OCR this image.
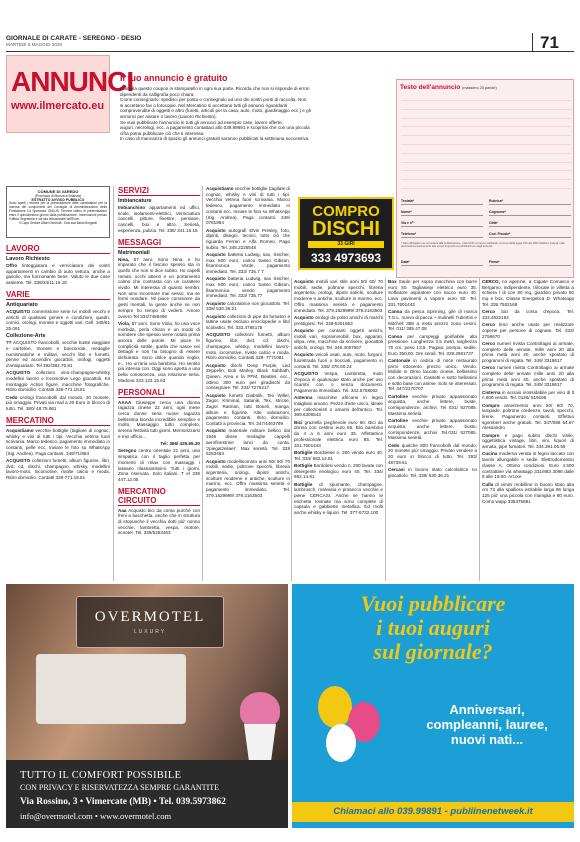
GIORNALE DI CARATE - SEREGNO - DESIO
MARTEDÌ 5 MAGGIO 2020	71
ANNUNCI
www.ilmercato.eu
Il tuo annuncio è gratuito
Compila questo coupon in stampatello in ogni sua parte. Ricorda che non si risponde di errori
dipendenti da calligrafia poco chiara.
Come consegnarlo: spedisci per posta o consegnalo ad uno dei nostri punti di raccolta. Non
si accettano fax o fotocopie. Nel Mercatino si accettano tutti gli annunci riguardanti
compravendite di oggetti e altro (furetti, articoli per la casa, auto, moto, giardinaggio ecc.) e gli
annunci per aiutare o lavoro (Lavoro Richiesto).
Se vuoi pubblicare l'annuncio in tutti gli annunci ad esempio case, lavoro offerte,
auguri, necrologi, ecc. a pagamento contattaci allo 039.99691 e scoprirai che con una piccola
cifra potrai pubblicare ciò che ti interessa.
In caso di mancanza di spazio gli annunci gratuiti saranno pubblicati la settimana successiva.
Testo dell'annuncio (massimo 20 parole)
Testata*	Rubrica*
Nome*	Cognome*
Via e n°*	Città*
Telefono*	Cod. Fiscale*
* Dati obbligatori per procedere alla pubblicazione. I dati NON verranno pubblicati. Ai sensi della legge 196 del 2003 l'Editore tratterà i dati personali esclusivamente allo scopo di gestire la pubblicazione degli annunci.
Data*	Firma*
COMPRO
DISCHI
33 GIRI
333 4973693
COMUNE DI VAREDO
(Provincia di Monza e Brianza)
ESTRATTO AVVISO PUBBLICO
Sono aperti i termini per la presentazione delle candidature per la nomina dei componenti del Consiglio di Amministrazione della Fondazione 'La Speranza' ONLUS. Termine ultimo di presentazione entro il quindicesimo giorno dalla pubblicazione. Informazioni presso l'Ufficio Segreteria e sul sito istituzionale dell'Ente.
Il Capo Settore Affari Generali - Dott.ssa Ilaria Morganti
LAVORO
Lavoro Richiesto

Offro tinteggiatura e verniciatura dei vostri appartamenti in cambio di auto vettura, anche a gasolio, ma funzionante bene. Valuto le due cose assieme. Tel. 338/24/11.16.18

VARIE
Antiquariato

ACQUISTO commissione serie tv/ mobili vecchi e antichi di qualsiasi genere e condizioni, quadri, cornici, orologi, monete e oggetti vari. Cell. 349/61 25.061

Collezione-Arte

?? ACQUISTO francobolli, vecchie buste viaggiate e cartoline, monete e banconote, medaglie numismatiche e militari, vecchi libri e fumetti, penne ed accendini giocattoli, orologi, oggetti d'antiquariato. Tel 392/382.75.91

ACQUISTO collezioni vino-champagne-whisky modellini lavoro e locomotive Lego giocattoli, Kit montaggio Action figure, macchine fotografiche. Ritiro domicilio. Contatti 328-771.18.81

Cedo orologi francobolli dal mondo, 20 monete, più omaggio. Privati via mail a 20 Euro in blocco di tutto. Tel. 380/ 48.75.961

MERCATINO

Acquistiamo vecchie bottiglie (tagliare di cognac, whisky e vini di tutti i tipi. Vecchia vetrina fuori scrivania. Marco tedesco, pagamento immediato in contanti, pelle ecc. Inviare le foto su WhatsApp (Sig. Andrea). Paga contanti. 349/71/864

ACQUISTO collezioni fumetti, album figurine, libri, dvd, cd, dischi, champagne, whisky, modellini lavoro-moto, locomotive, rivolte calcio e moda. Ritiro domicilio. Contatti 329-771.18.81

SERVIZI
Imbiancature

Imbianchino appartamenti ed uffici, scale, isolamenti-elettrici, Verniciatura cancelli, pitture, finestre, persiane, cancelli, box e altro. Serietà, esperienza, pulizia. Tel. 338/ 341.16.15

MESSAGGI
Matrimoniali

Nina, 57 anni. Sono Nina, e ho imparato che il fascino spesso sta in quello che non si dice subito. Ho capelli ramati, occhi attenti e un portamento calmo che contrasta con un carattere vivido. Mi interessa di quanto sembri. Non amo incontrare mai sesso, ma se fermi nondare. Mi piace conoscere da gesti mentali, la gente anche se non sempre ho tempo di vederti. Amore ovvero Tel 334/7486496

Viola, 57 anni. Sono Viola, ho una voce morbida, perla chiara e un modo di sorridere che spesso viene notato prima ancora delle parole. Mi piace le complicità sottile, quella che nasce nei dettagli e non ha bisogno di essere dichiarata. Sono dolce quando voglio, e... Ho un'aria una bambina. Ho sentito più intensa con. Oggi sono aperta a una bella conoscenza, una relazione seria. Madona 333.123.15.63

PERSONALI

AAAA Giuseppe cerca una donna ragazza cinese 22 anni, ogni mese cerca donne seria nuove ragazza bellissima bionda incredibile semplice e molto. Massaggio tutto completo, serena festività tutti giorni. Memorizzarsi e mio ufficio...

Tel: 366/ 425.65.30

Seregno centro orientale 21 anni, una simpatica con il taglio perfetta per momenti di relax con massaggi i lassano rilassantissimi. Tutti i giorni. Zona riservata. Solo italiani. T el 339 447.12.05

MERCATINO CIRCUITO

Aaa Acquisto bici da corsa purché con freni a bacchetta, anche che in struttura di stopuoche il vecchia dotti più' nonno vecchie, lambretta, vespa, motore, scooter. Tel. 339/5253463

Acquistiamo vecchie bottiglie (tagliate di cognac, whisky e vini di tutti i tipi. Vecchia vetrina fuori scrivania. Marco tedesco, pagamento immediato in contanti ecc. Inviare le foto su WhatsApp (Sig. Andrea). Paga contanti. 349/ 0781864

Acquisto autografi Elvis Presley, foto, dipinti, disegni, tecnici, tutto ciò che riguarda Ferrari e Alfa Romeo. Pago subito. Tel. 348.2225548

Acquisto batteria Ludwig, sax, Seicher, max 500 euro, carico basso Gibson, fisarmonica Verde, pagamento immediato. Tel. 333/ 735.7 7

Acquisto batteria Ludwig, sax Seicher, max 500 euro, carico basso Gibson, fisarmonica vendo pagamento immediato. Tel. 333/ 735.77

Acquisto calcolatrice non giocattolo. Tel. 338/ 530.36.21

Acquisto collezioni di pipe da fumatori e lattine usate escluso enciclopedie e libri scolastici. Tel. 333.4785175

ACQUISTO collezioni fumetti, album figurine, libri, dvd, cd, dischi, champagne, whisky, modellini lavoro-moto, locomotive, riviste calcio e moda. Ritiro domicilio. Contatti 328- 7771081

Acquisto dischi Deep Purple, Led Zeppelin, Bob Marley, Black Sabbath, Queen, Area e la PFM, Beatles, ecc., ottimo 300 euro per giradischi da consegnare. Tel. 333/ 7275217

Acquisto fumetti Diabolik, Tex Willer, Zagor, Kriminal, Satanik, Tex, stricse, Zagor Ratman, tutti Boneli, manga, album e figurine. Alte valutazioni, pagamento contanti, ritiro domicilio. Contatti a provincia. Tel. 347/4463799

Acquisto materiale militare bellico dal 1945 divise medaglie cappelli aerofinestrine lanci da conta. 'zpiegatzeliaer'. Max serietà. Tel. 328 5253463

Acquisto modellinomoto anni 50/ 60/ 70 mobili, sedie, poltrone specchi, libreria argenteria, orologi, dipinti antichi, sculture moderne e antiche, sculture in marmo, ecc. Offro massima serietà e pagamento immediato. Tel. 379.1629999/ 379.2163503

Acquisto mobili vari stile anni 50/ 60/ 70 mobili, sedie, poltrone specchi, libreria argenteria, orologi, dipinti antichi, sculture moderne e antiche, sculture in marmo, ecc. Offro massima serietà e pagamento immediato. Tel. 379.1629999/ 379.2163503

Acquisto orologi da polso antichi di marchi prestigiosi. Tel. 338-5251963

Acquisto per contanti oggetti antichi, mobili vari, soprammobili, box, apparati, vilipa, rete, macchine da scrivere, giocattoli antichi, orologi. Tel. 346.4057567

Acquisto veicoli usati, auto, moto, furgoni, fuoristrada fuori o bocciati, pagamento in contanti. Tel. 338/ 378.50.24

ACQUISTO Vespa, Lambretta, moto d'epoca in qualunque stato anche per uso ricambi con o senza documenti. Pagamento immediato. Tel. 342.5758002

Antenna macchine africane in legno intagliato amano. Pezzo d'arte unico, ideale per collezionisti o amanti dell'antico. Tel. 389.6306543

Bici graziella pieghevole euro 60. Bici da donna con cestino euro 65. Bici bambino da 4 a 6 anni euro 35. Affettatrice professionale elettrica euro 85. Tel. 331.7601443

Bottiglie Bordolese n. 200 vendo euro 40. Tel. 334/ 682.14.81

Bottiglie Bordolesi vendo n. 200 lavate con detergente enologico euro 40. Tel. 334/ 682.14.81

Bottiglie di spumante, champagne, lambrusch, malvasia e prosecco vecchie e piene CERCASI. Anche se hanno le etichette rovinate ma sono complete di capsula e gabbiette metallica. Ed molti anche whisky e liquori. Tel. 377-6732.100

Box Saule per sopra macchina con barre euro 50. Tagliasiepi elettrico euro 35. Soffiatore aspiratore con sacco euro 40. Lava pavimenti a vapore euro 50. Tel. 331.7601443

Canna da pesca Spinning, gile di marca T.G.L. nuovo di pacca + mulinelli Tubertini e Mitchell 358 a meta prezzo zona Lesmi. Tel. 011/ 385.47.08

Canoa per campeggi gonfiabile alta pressione. Lunghezza 3,5 metri, larghezza 75 cm, peso 13,5. Pagaia, pompa, sedile. Euro 350,00. Ore serali. Tel. 329.2981737

Cantonale in cedica di noce restaurato primi ottocento prezzo unico. Vendo. Mobile in Olmo laccato cinese, bellissimo con decorazioni. Cassetti e sotto bellissimi e sotto base con anime. Solo se interessati. Tel. 347/2170707

Cartoline vecchie privato appassionato acquista, anche lettere, buste, corrispondenze, archivi. Tel 031/ 927085. Massima serietà

Cartoline vecchie privato appassionato acquista, anche lettere, buste, corrispondenze, archivi. Tel.031/ 927085. Massima serietà

Cedo qualche 800 francobolli dal mondo, 20 monete più' omaggio. Privato vendere a 20 euro in blocco di tutto. Tel. 393/ 48739.61

Cercasi in buono stato calcolatrice no giocattolo. Tel. 338/ 530.36.21

CERCO, no agenzie, a Cigiate Comasco e Bergamo, indipendente, trilocale in villetta a schiera l di con 80 mq, giardino privato 50 mq e box. Classe Energetica D. Whatsapp Tel. 339.7583168

Cerco bici da corsa d'epoca. Tel. 333.4632184

Cerco timo anche usato per realizzare coperte per persone di cognate. Tel. 333/ 2756670

Cerco numeri rivista Controllagio ai armate, completo delle annate, mille anni 20 alla prima metà anni 40, anche spostato di programmi di regata. Tel. 349/ 3318617

Cerco numeri rivista Controllagio ai armate completo delle annate mille anni 20 alla prima metà anni 40, anche spostato di programmi di regata. Tel. 349/ 3318617

Cisterna in acciaio inossidabile per vino di lt n 600 vendo. Tel. 0126/ 519196

Compro amerimento anni 50/ 60/ 70, lampade, poltrone credenze, tavoli, specchi, lirerie. Pagamento contanti. Effettuo sgomberi anche gratuiti. Tel. 347/086 54.67 Alessandro

Compro e pago subito dischi vinile, oggettistica vintage, libri, vini, liquori di annata, pipe fumatori. Tel. 334.391.06.56

Cucina moderna verata in legno laccato con tavolo allungabile e sedie. Elettrodomestici classe A. Ottimo condizioni. Euro 4.500 contrattare via whatsapp 331/863 3098 dalle 9 alle 19:00. Arcore

Culla di vimini mobilline in buono stato alta cm 73 alla spalliera estrabile larga 66 lunga 125 più' una piccola con maniglia e 80 euro. Como wapp 335375681

OVERMOTEL
LUXURY
TUTTO IL COMFORT POSSIBILE
CON PRIVACY E RISERVATEZZA SEMPRE GARANTITE
Via Rossino, 3 • Vimercate (MB) • Tel. 039.5973862
info@overmotel.com • www.overmotel.com
Vuoi pubblicare
i tuoi auguri
sul giornale?
Anniversari,
compleanni, lauree,
nuovi nati...
Chiamaci allo 039.99891 - publiinenetweek.it
